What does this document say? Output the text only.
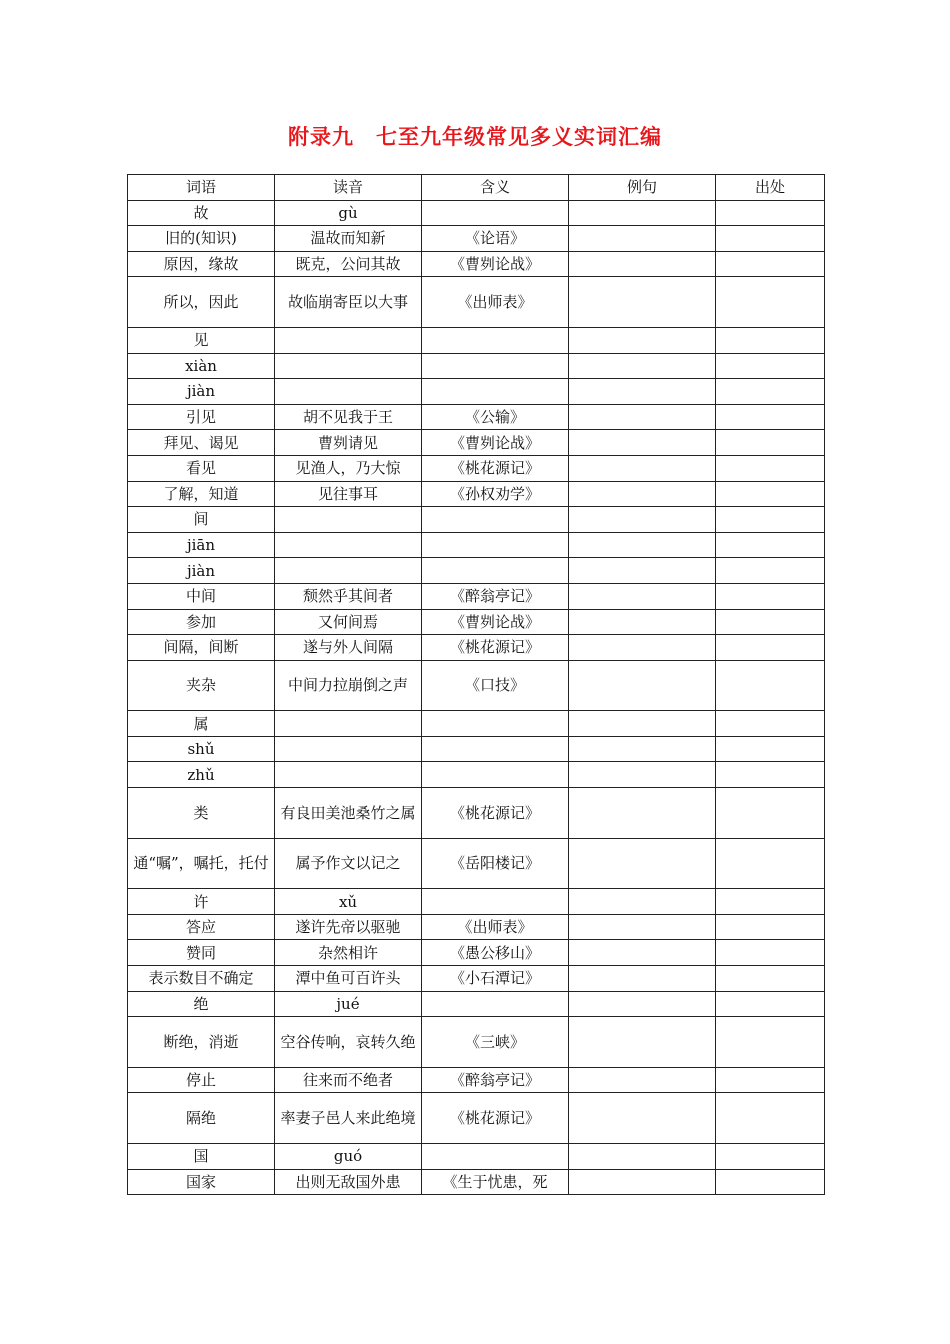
附录九　七至九年级常见多义实词汇编
词语	读音	含义	例句	出处
故	gù			
旧的(知识)	温故而知新	《论语》		
原因，缘故	既克，公问其故	《曹刿论战》		
所以，因此	故临崩寄臣以大事	《出师表》		
见				
xiàn				
jiàn				
引见	胡不见我于王	《公输》		
拜见、谒见	曹刿请见	《曹刿论战》		
看见	见渔人，乃大惊	《桃花源记》		
了解，知道	见往事耳	《孙权劝学》		
间				
jiān				
jiàn				
中间	颓然乎其间者	《醉翁亭记》		
参加	又何间焉	《曹刿论战》		
间隔，间断	遂与外人间隔	《桃花源记》		
夹杂	中间力拉崩倒之声	《口技》		
属				
shǔ				
zhǔ				
类	有良田美池桑竹之属	《桃花源记》		
通“嘱”，嘱托，托付	属予作文以记之	《岳阳楼记》		
许	xǔ			
答应	遂许先帝以驱驰	《出师表》		
赞同	杂然相许	《愚公移山》		
表示数目不确定	潭中鱼可百许头	《小石潭记》		
绝	jué			
断绝，消逝	空谷传响，哀转久绝	《三峡》		
停止	往来而不绝者	《醉翁亭记》		
隔绝	率妻子邑人来此绝境	《桃花源记》		
国	guó			
国家	出则无敌国外患	《生于忧患，死		
